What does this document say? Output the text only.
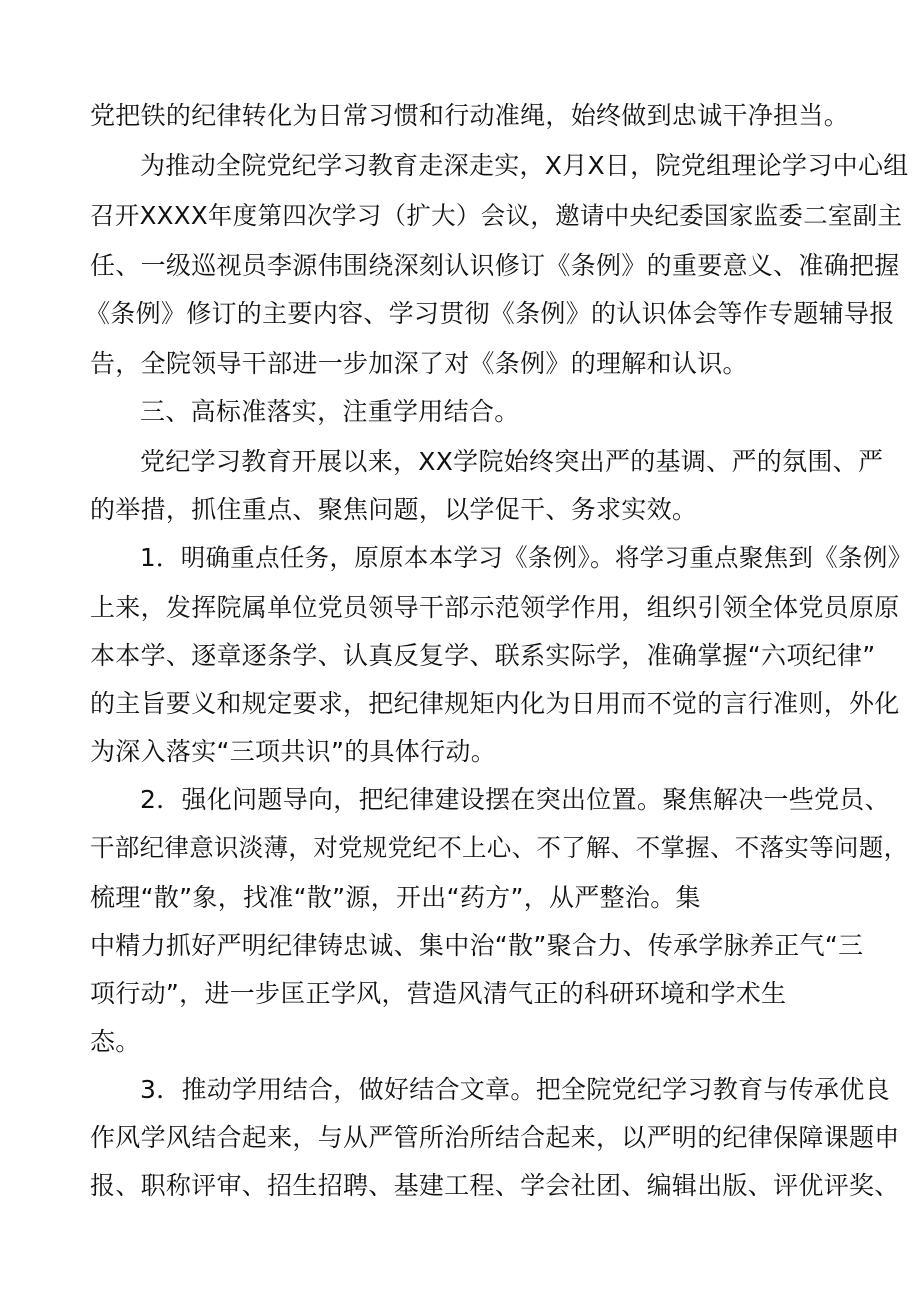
党把铁的纪律转化为日常习惯和行动准绳，始终做到忠诚干净担当。

为推动全院党纪学习教育走深走实，X月X日，院党组理论学习中心组

召开XXXX年度第四次学习（扩大）会议，邀请中央纪委国家监委二室副主

任、一级巡视员李源伟围绕深刻认识修订《条例》的重要意义、准确把握

《条例》修订的主要内容、学习贯彻《条例》的认识体会等作专题辅导报

告，全院领导干部进一步加深了对《条例》的理解和认识。

三、高标准落实，注重学用结合。

党纪学习教育开展以来，XX学院始终突出严的基调、严的氛围、严

的举措，抓住重点、聚焦问题，以学促干、务求实效。

1．明确重点任务，原原本本学习《条例》。将学习重点聚焦到《条例》

上来，发挥院属单位党员领导干部示范领学作用，组织引领全体党员原原

本本学、逐章逐条学、认真反复学、联系实际学，准确掌握“六项纪律”

的主旨要义和规定要求，把纪律规矩内化为日用而不觉的言行准则，外化

为深入落实“三项共识”的具体行动。

2．强化问题导向，把纪律建设摆在突出位置。聚焦解决一些党员、

干部纪律意识淡薄，对党规党纪不上心、不了解、不掌握、不落实等问题，

梳理“散”象，找准“散”源，开出“药方”，从严整治。集

中精力抓好严明纪律铸忠诚、集中治“散”聚合力、传承学脉养正气“三

项行动”，进一步匡正学风，营造风清气正的科研环境和学术生

态。

3．推动学用结合，做好结合文章。把全院党纪学习教育与传承优良

作风学风结合起来，与从严管所治所结合起来，以严明的纪律保障课题申

报、职称评审、招生招聘、基建工程、学会社团、编辑出版、评优评奖、
